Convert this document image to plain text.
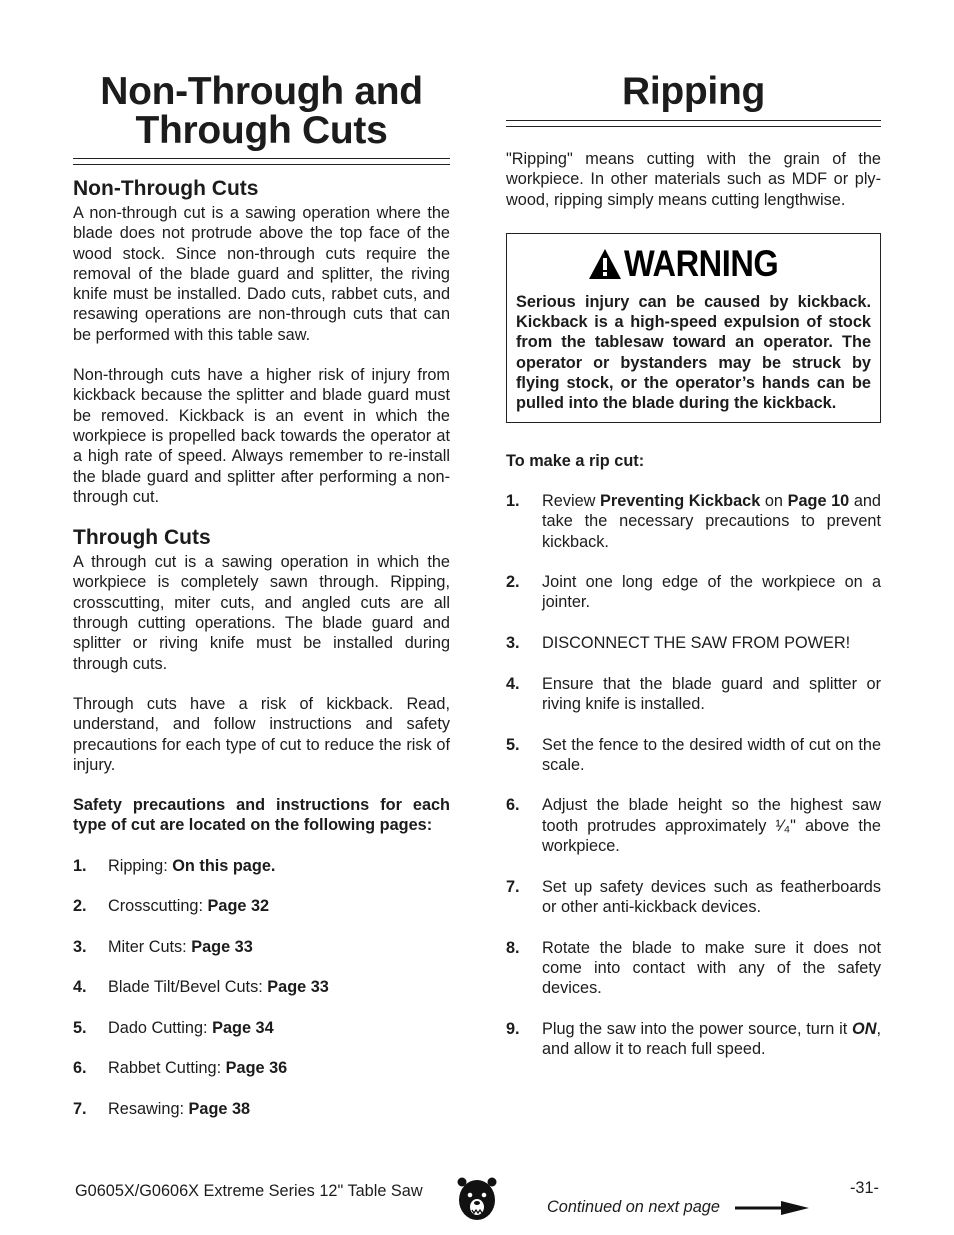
Non-Through and
Through Cuts
Non-Through Cuts

A non-through cut is a sawing operation where the blade does not protrude above the top face of the wood stock. Since non-through cuts require the removal of the blade guard and splitter, the riving knife must be installed. Dado cuts, rabbet cuts, and resawing operations are non-through cuts that can be performed with this table saw.

Non-through cuts have a higher risk of injury from kickback because the splitter and blade guard must be removed. Kickback is an event in which the workpiece is propelled back towards the operator at a high rate of speed. Always remember to re-install the blade guard and splitter after performing a non-through cut.

Through Cuts

A through cut is a sawing operation in which the workpiece is completely sawn through. Ripping, crosscutting, miter cuts, and angled cuts are all through cutting operations. The blade guard and splitter or riving knife must be installed during through cuts.

Through cuts have a risk of kickback. Read, understand, and follow instructions and safety precautions for each type of cut to reduce the risk of injury.

Safety precautions and instructions for each type of cut are located on the following pages:

1. Ripping: On this page.
2. Crosscutting: Page 32
3. Miter Cuts: Page 33
4. Blade Tilt/Bevel Cuts: Page 33
5. Dado Cutting: Page 34
6. Rabbet Cutting: Page 36
7. Resawing: Page 38
Ripping

"Ripping" means cutting with the grain of the workpiece. In other materials such as MDF or plywood, ripping simply means cutting lengthwise.

WARNING
Serious injury can be caused by kickback. Kickback is a high-speed expulsion of stock from the tablesaw toward an operator. The operator or bystanders may be struck by flying stock, or the operator’s hands can be pulled into the blade during the kickback.

To make a rip cut:

1. Review Preventing Kickback on Page 10 and take the necessary precautions to prevent kickback.
2. Joint one long edge of the workpiece on a jointer.
3. DISCONNECT THE SAW FROM POWER!
4. Ensure that the blade guard and splitter or riving knife is installed.
5. Set the fence to the desired width of cut on the scale.
6. Adjust the blade height so the highest saw tooth protrudes approximately ¹⁄₄" above the workpiece.
7. Set up safety devices such as featherboards or other anti-kickback devices.
8. Rotate the blade to make sure it does not come into contact with any of the safety devices.
9. Plug the saw into the power source, turn it ON, and allow it to reach full speed.
G0605X/G0606X Extreme Series 12" Table Saw	-31-
Continued on next page
